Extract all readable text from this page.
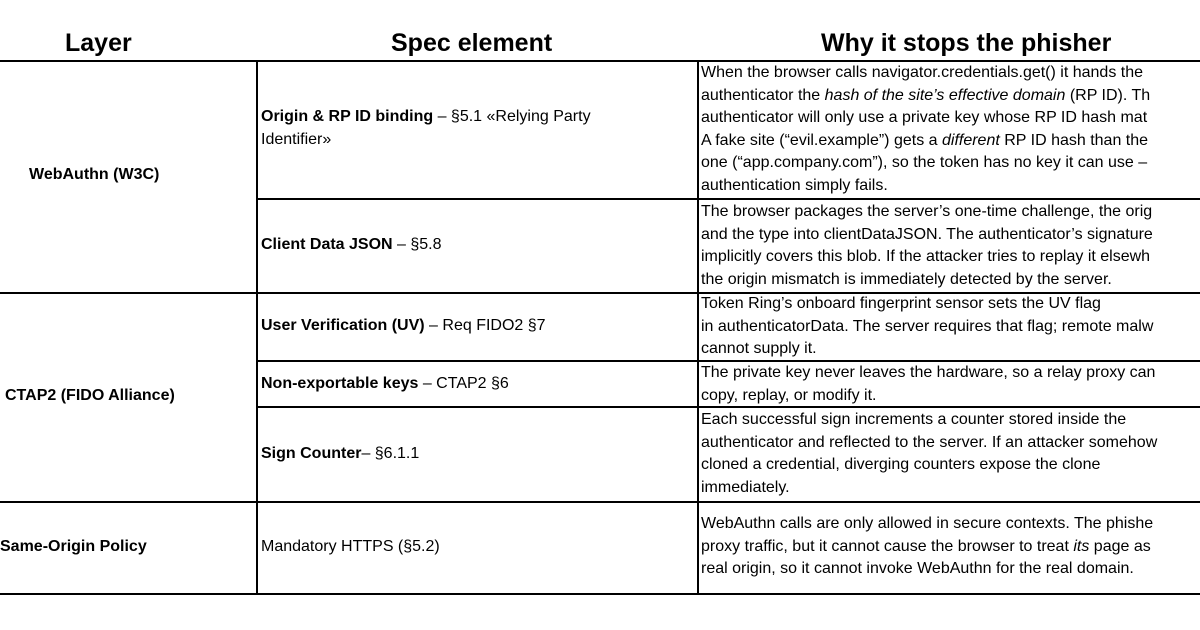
Layer	Spec element	Why it stops the phisher
WebAuthn (W3C)
CTAP2 (FIDO Alliance)
Same-Origin Policy
Origin & RP ID binding – §5.1 «Relying Party
Identifier»
When the browser calls navigator.credentials.get() it hands the
authenticator the hash of the site’s effective domain (RP ID). Th
authenticator will only use a private key whose RP ID hash mat
A fake site (“evil.example”) gets a different RP ID hash than the
one (“app.company.com”), so the token has no key it can use –
authentication simply fails.
Client Data JSON – §5.8
The browser packages the server’s one-time challenge, the orig
and the type into clientDataJSON. The authenticator’s signature
implicitly covers this blob. If the attacker tries to replay it elsewh
the origin mismatch is immediately detected by the server.
User Verification (UV) – Req FIDO2 §7
Token Ring’s onboard fingerprint sensor sets the UV flag
in authenticatorData. The server requires that flag; remote malw
cannot supply it.
Non-exportable keys – CTAP2 §6
The private key never leaves the hardware, so a relay proxy can
copy, replay, or modify it.
Sign Counter– §6.1.1
Each successful sign increments a counter stored inside the
authenticator and reflected to the server. If an attacker somehow
cloned a credential, diverging counters expose the clone
immediately.
Mandatory HTTPS (§5.2)
WebAuthn calls are only allowed in secure contexts. The phishe
proxy traffic, but it cannot cause the browser to treat its page as
real origin, so it cannot invoke WebAuthn for the real domain.
